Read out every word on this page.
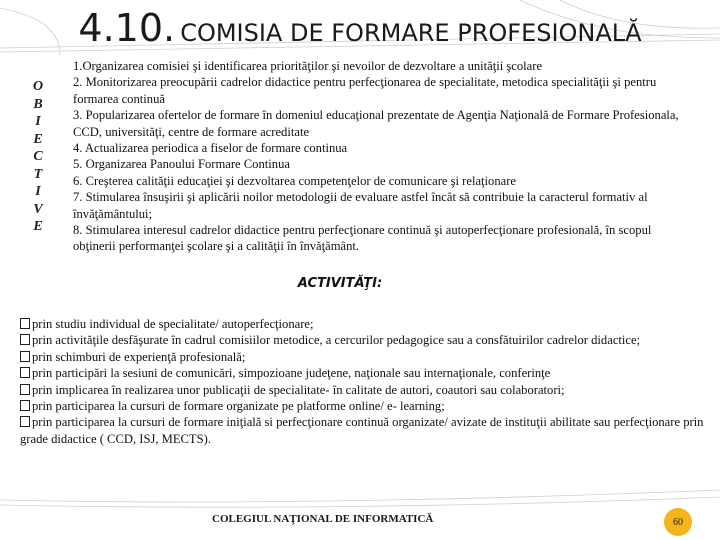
4.10. COMISIA DE FORMARE PROFESIONALĂ
O
B
I
E
C
T
I
V
E
1.Organizarea comisiei şi identificarea priorităţilor şi nevoilor de dezvoltare a unităţii şcolare
2. Monitorizarea preocupării cadrelor didactice pentru perfecţionarea de specialitate, metodica specialităţii şi pentru formarea continuă
3. Popularizarea ofertelor de formare în domeniul educaţional prezentate de Agenţia Naţională de Formare Profesionala, CCD, universităţi, centre de formare acreditate
4. Actualizarea periodica a fiselor de formare continua
5. Organizarea Panoului Formare Continua
6. Creşterea calităţii educaţiei şi dezvoltarea competenţelor de comunicare şi relaţionare
7. Stimularea însuşirii şi aplicării noilor metodologii de evaluare astfel încât să contribuie la caracterul formativ al învăţământului;
8. Stimularea interesul cadrelor didactice pentru perfecţionare continuă şi autoperfecţionare profesională, în scopul obţinerii performanţei şcolare şi a calităţii în învăţământ.
ACTIVITĂŢI:
prin studiu individual de specialitate/ autoperfecţionare;
prin activităţile desfăşurate în cadrul comisiilor metodice, a cercurilor pedagogice sau a consfătuirilor cadrelor didactice;
prin schimburi de experienţă profesională;
prin participări la sesiuni de comunicări, simpozioane judeţene, naţionale sau internaţionale, conferinţe
prin implicarea în realizarea unor publicaţii de specialitate- în calitate de autori, coautori sau colaboratori;
prin participarea la cursuri de formare organizate pe platforme online/ e- learning;
prin participarea la cursuri de formare iniţială si perfecţionare continuă organizate/ avizate de instituţii abilitate sau perfecţionare prin grade didactice ( CCD, ISJ, MECTS).
COLEGIUL NAŢIONAL DE INFORMATICĂ	60
